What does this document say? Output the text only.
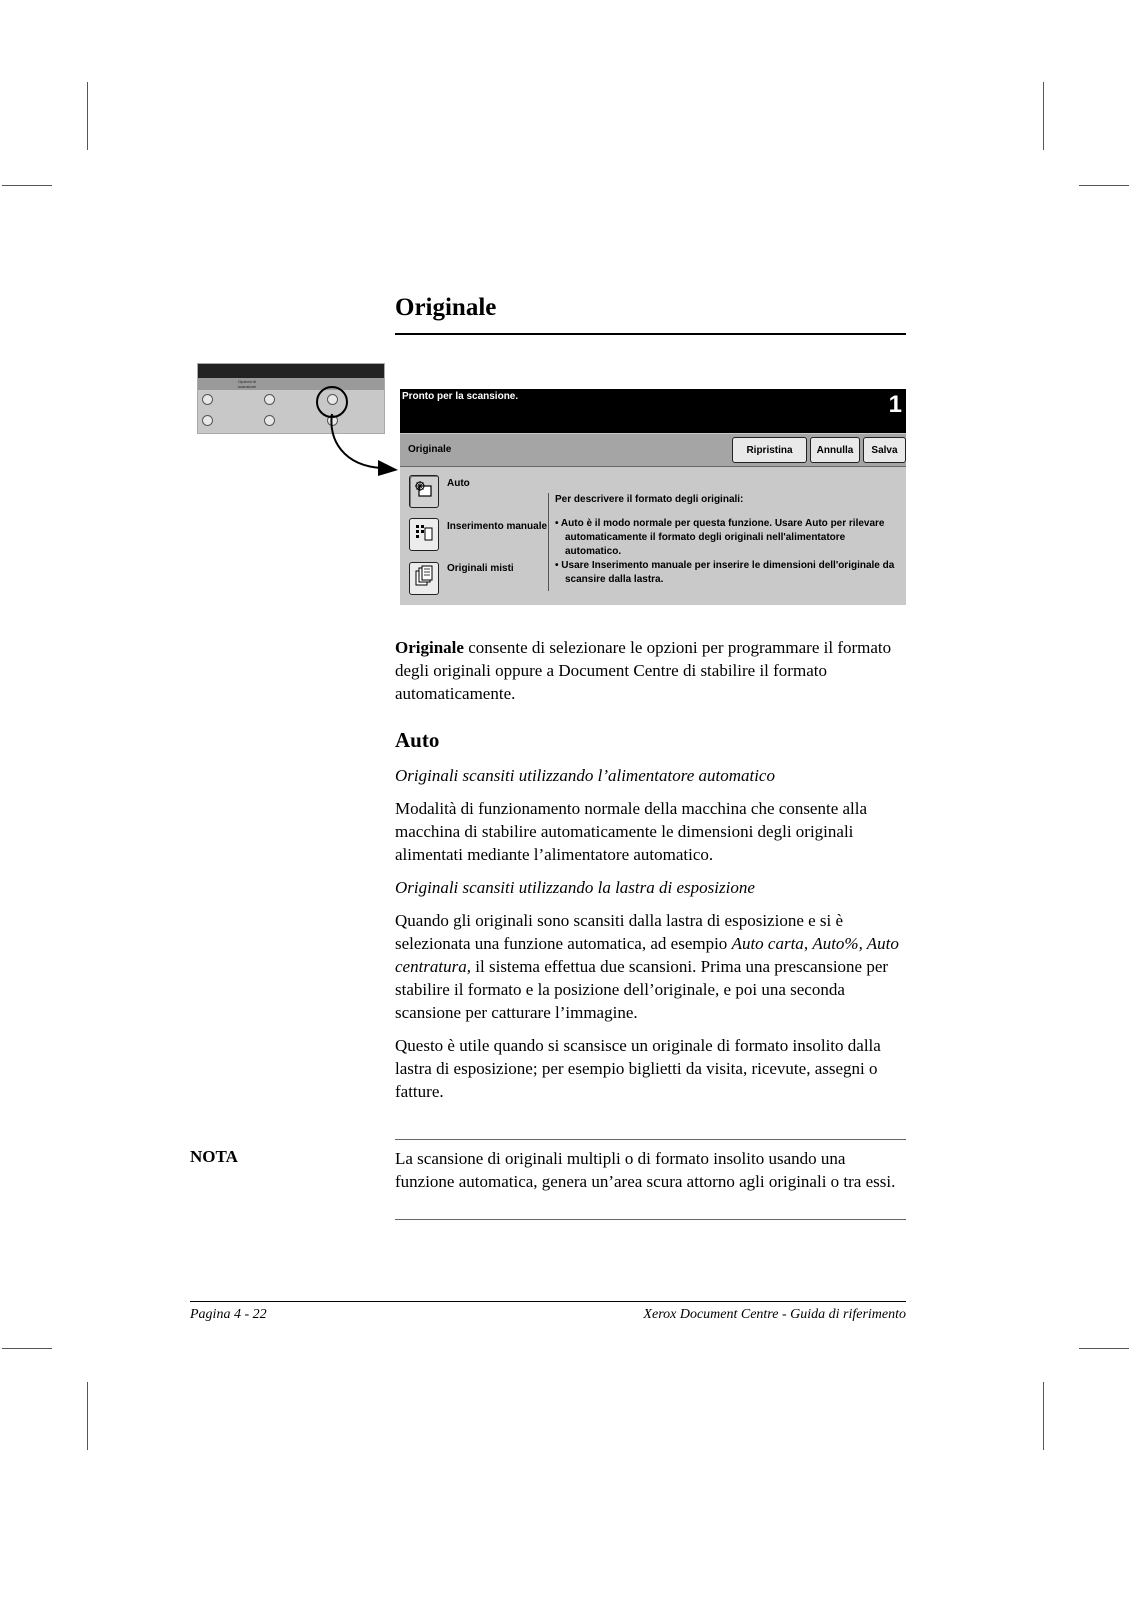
Originale
Opzioni di scansione
Pronto per la scansione.	1
Originale	Ripristina	Annulla	Salva
Auto
Inserimento manuale
Originali misti
Per descrivere il formato degli originali:

• Auto è il modo normale per questa funzione. Usare Auto per rilevare automaticamente il formato degli originali nell'alimentatore automatico.

• Usare Inserimento manuale per inserire le dimensioni dell'originale da scansire dalla lastra.

Originale consente di selezionare le opzioni per programmare il formato degli originali oppure a Document Centre di stabilire il formato automaticamente.

Auto

Originali scansiti utilizzando l’alimentatore automatico

Modalità di funzionamento normale della macchina che consente alla macchina di stabilire automaticamente le dimensioni degli originali alimentati mediante l’alimentatore automatico.

Originali scansiti utilizzando la lastra di esposizione

Quando gli originali sono scansiti dalla lastra di esposizione e si è selezionata una funzione automatica, ad esempio Auto carta, Auto%, Auto centratura, il sistema effettua due scansioni. Prima una prescansione per stabilire il formato e la posizione dell’originale, e poi una seconda scansione per catturare l’immagine.

Questo è utile quando si scansisce un originale di formato insolito dalla lastra di esposizione; per esempio biglietti da visita, ricevute, assegni o fatture.

NOTA	La scansione di originali multipli o di formato insolito usando una funzione automatica, genera un’area scura attorno agli originali o tra essi.

Pagina 4 - 22	Xerox Document Centre - Guida di riferimento
